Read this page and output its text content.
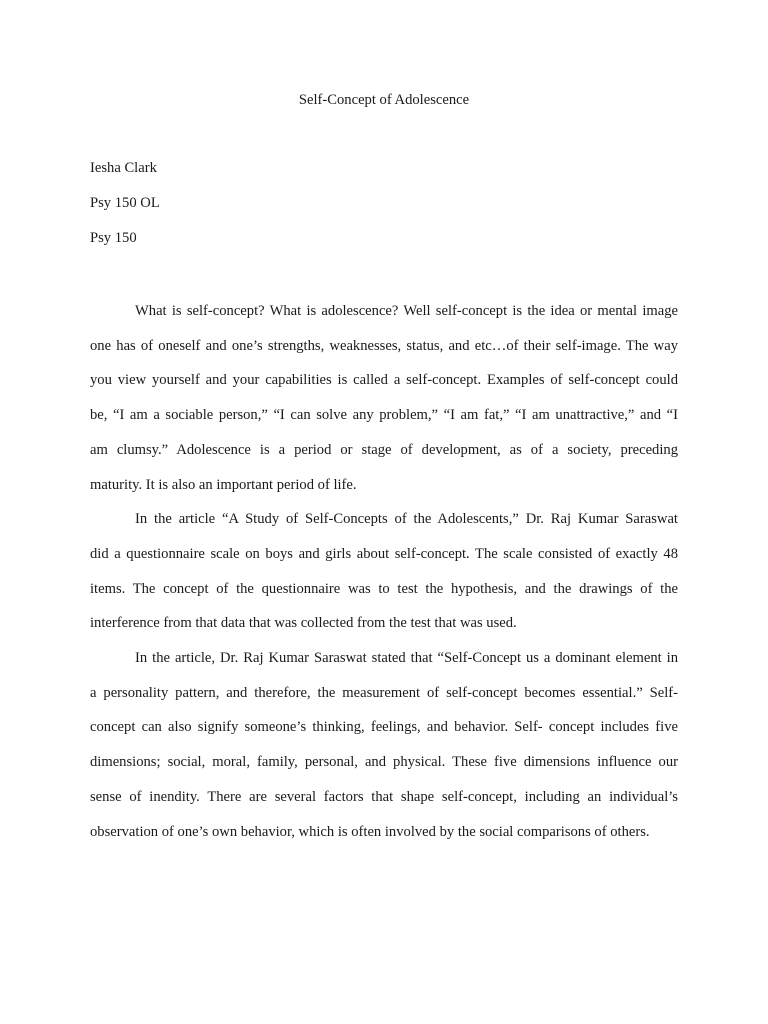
Self-Concept of Adolescence
Iesha Clark
Psy 150 OL
Psy 150
What is self-concept? What is adolescence? Well self-concept is the idea or mental image
one has of oneself and one’s strengths, weaknesses, status, and etc…of their self-image. The way
you view yourself and your capabilities is called a self-concept. Examples of self-concept could
be, “I am a sociable person,” “I can solve any problem,” “I am fat,” “I am unattractive,” and “I
am clumsy.” Adolescence is a period or stage of development, as of a society, preceding
maturity. It is also an important period of life.
In the article “A Study of Self-Concepts of the Adolescents,” Dr. Raj Kumar Saraswat
did a questionnaire scale on boys and girls about self-concept. The scale consisted of exactly 48
items. The concept of the questionnaire was to test the hypothesis, and the drawings of the
interference from that data that was collected from the test that was used.
In the article, Dr. Raj Kumar Saraswat stated that “Self-Concept us a dominant element in
a personality pattern, and therefore, the measurement of self-concept becomes essential.” Self-
concept can also signify someone’s thinking, feelings, and behavior. Self- concept includes five
dimensions; social, moral, family, personal, and physical. These five dimensions influence our
sense of inendity. There are several factors that shape self-concept, including an individual’s
observation of one’s own behavior, which is often involved by the social comparisons of others.
